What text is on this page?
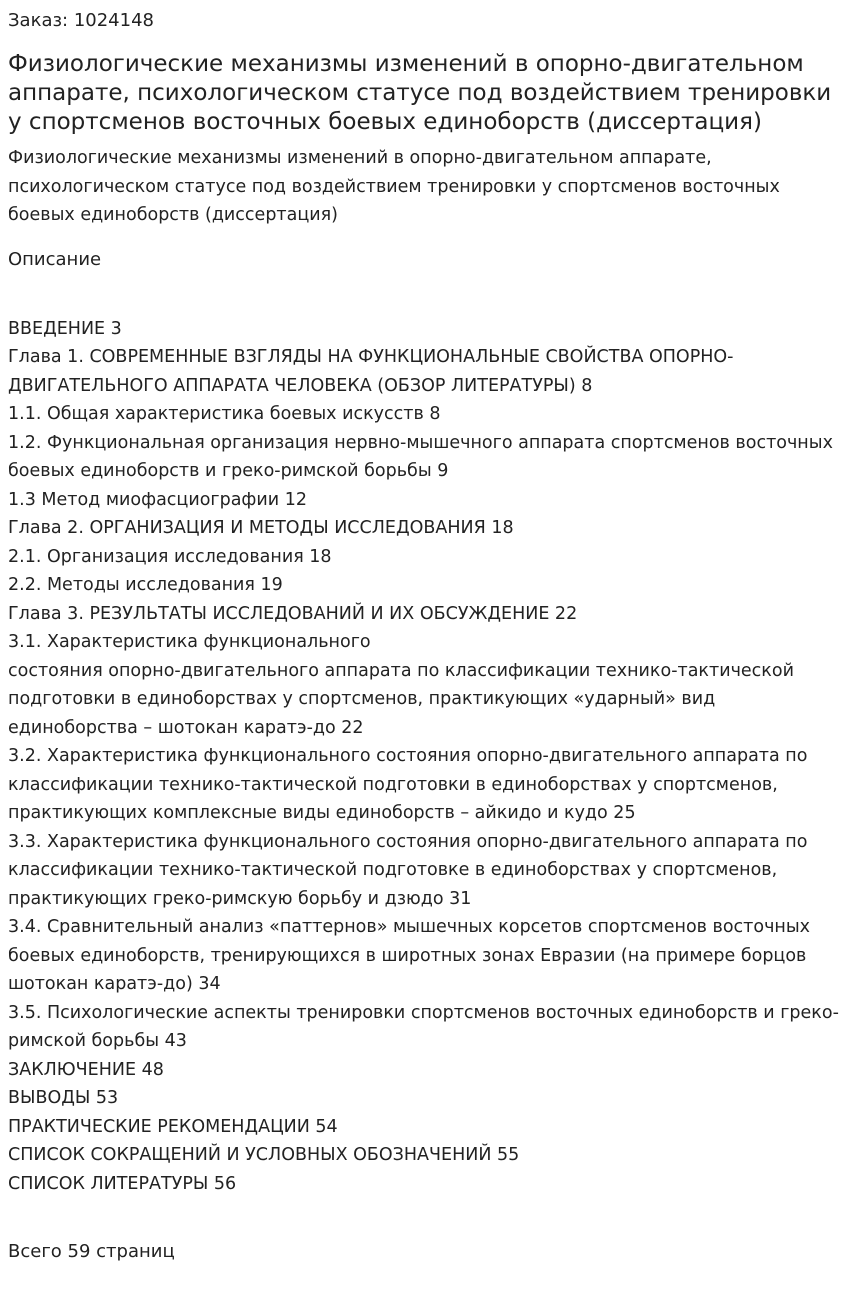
Заказ: 1024148

Физиологические механизмы изменений в опорно-двигательном аппарате, психологическом статусе под воздействием тренировки у спортсменов восточных боевых единоборств (диссертация)

Физиологические механизмы изменений в опорно-двигательном аппарате, психологическом статусе под воздействием тренировки у спортсменов восточных боевых единоборств (диссертация)

Описание

ВВЕДЕНИЕ 3
Глава 1. СОВРЕМЕННЫЕ ВЗГЛЯДЫ НА ФУНКЦИОНАЛЬНЫЕ СВОЙСТВА ОПОРНО-ДВИГАТЕЛЬНОГО АППАРАТА ЧЕЛОВЕКА (ОБЗОР ЛИТЕРАТУРЫ) 8
1.1. Общая характеристика боевых искусств 8
1.2. Функциональная организация нервно-мышечного аппарата спортсменов восточных боевых единоборств и греко-римской борьбы 9
1.3 Метод миофасциографии 12
Глава 2. ОРГАНИЗАЦИЯ И МЕТОДЫ ИССЛЕДОВАНИЯ 18
2.1. Организация исследования 18
2.2. Методы исследования 19
Глава 3. РЕЗУЛЬТАТЫ ИССЛЕДОВАНИЙ И ИХ ОБСУЖДЕНИЕ 22
3.1. Характеристика функционального
состояния опорно-двигательного аппарата по классификации технико-тактической подготовки в единоборствах у спортсменов, практикующих «ударный» вид единоборства – шотокан каратэ-до 22
3.2. Характеристика функционального состояния опорно-двигательного аппарата по классификации технико-тактической подготовки в единоборствах у спортсменов, практикующих комплексные виды единоборств – айкидо и кудо 25
3.3. Характеристика функционального состояния опорно-двигательного аппарата по классификации технико-тактической подготовке в единоборствах у спортсменов, практикующих греко-римскую борьбу и дзюдо 31
3.4. Сравнительный анализ «паттернов» мышечных корсетов спортсменов восточных боевых единоборств, тренирующихся в широтных зонах Евразии (на примере борцов шотокан каратэ-до) 34
3.5. Психологические аспекты тренировки спортсменов восточных единоборств и греко-римской борьбы 43
ЗАКЛЮЧЕНИЕ 48
ВЫВОДЫ 53
ПРАКТИЧЕСКИЕ РЕКОМЕНДАЦИИ 54
СПИСОК СОКРАЩЕНИЙ И УСЛОВНЫХ ОБОЗНАЧЕНИЙ 55
СПИСОК ЛИТЕРАТУРЫ 56

Всего 59 страниц
